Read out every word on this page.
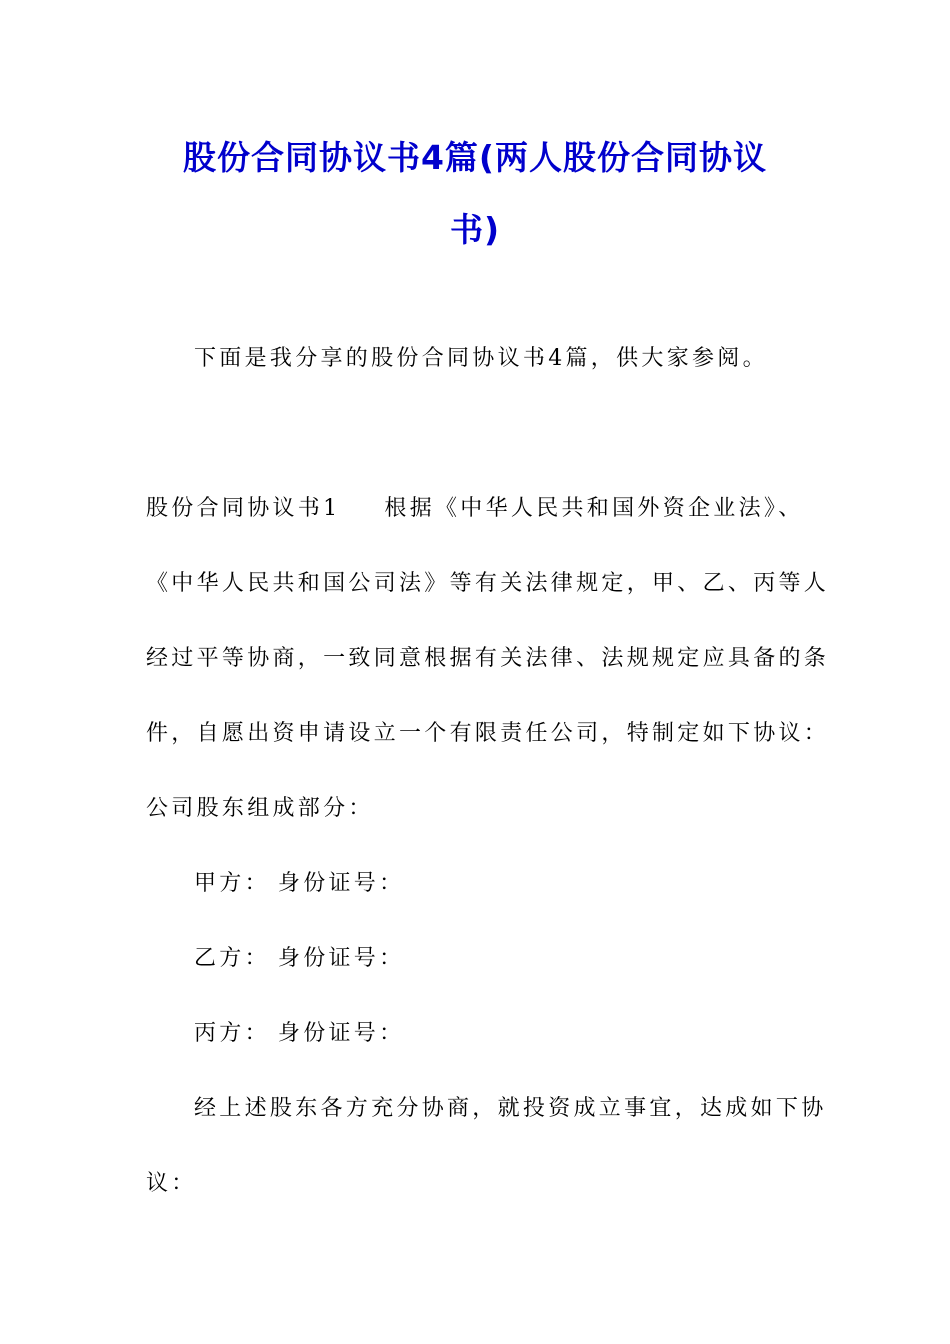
股份合同协议书4篇(两人股份合同协议
书)
下面是我分享的股份合同协议书4篇，供大家参阅。
股份合同协议书1 根据《中华人民共和国外资企业法》、
《中华人民共和国公司法》等有关法律规定，甲、乙、丙等人
经过平等协商，一致同意根据有关法律、法规规定应具备的条
件，自愿出资申请设立一个有限责任公司，特制定如下协议：
公司股东组成部分：
甲方： 身份证号：
乙方： 身份证号：
丙方： 身份证号：
经上述股东各方充分协商，就投资成立事宜，达成如下协
议：
